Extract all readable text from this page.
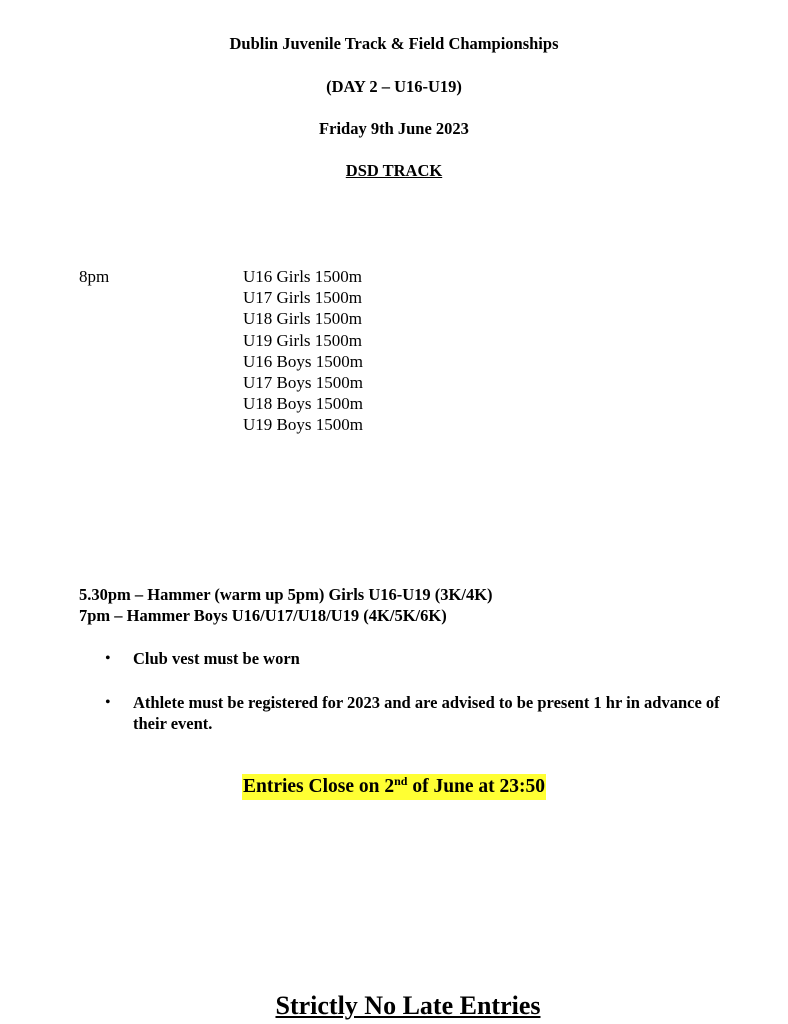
Dublin Juvenile Track & Field Championships
(DAY 2 – U16-U19)
Friday 9th June 2023
DSD TRACK
8pm	U16 Girls 1500m
U17 Girls 1500m
U18 Girls 1500m
U19 Girls 1500m
U16 Boys 1500m
U17 Boys 1500m
U18 Boys 1500m
U19 Boys 1500m
5.30pm – Hammer (warm up 5pm) Girls U16-U19 (3K/4K)
7pm – Hammer Boys U16/U17/U18/U19 (4K/5K/6K)
• Club vest must be worn
• Athlete must be registered for 2023 and are advised to be present 1 hr in advance of their event.
Entries Close on 2nd of June at 23:50
Strictly No Late Entries
